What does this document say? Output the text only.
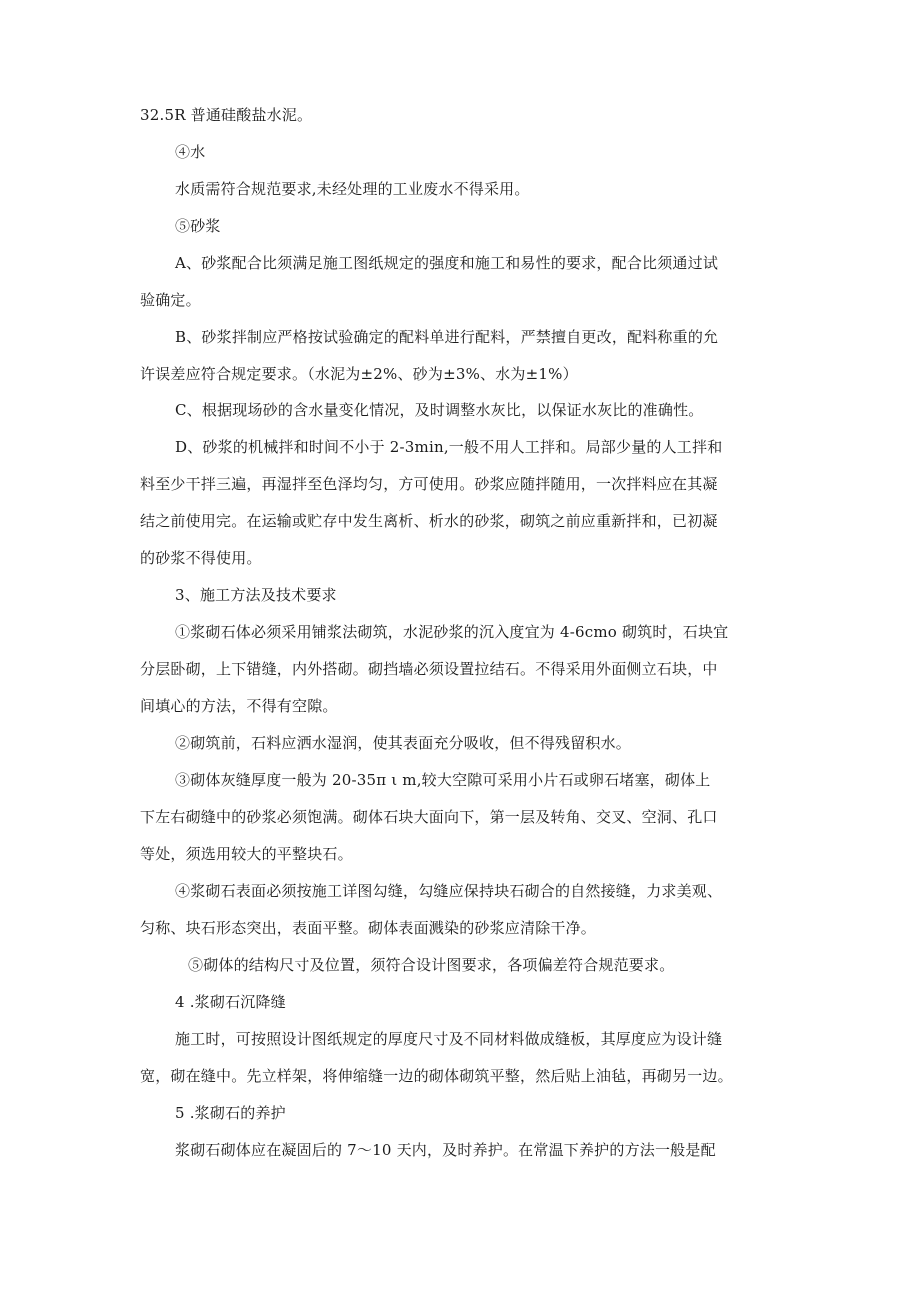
32.5R 普通硅酸盐水泥。
④水
水质需符合规范要求,未经处理的工业废水不得采用。
⑤砂浆
A、砂浆配合比须满足施工图纸规定的强度和施工和易性的要求，配合比须通过试
验确定。
B、砂浆拌制应严格按试验确定的配料单进行配料，严禁擅自更改，配料称重的允
许误差应符合规定要求。（水泥为±2%、砂为±3%、水为±1%）
C、根据现场砂的含水量变化情况，及时调整水灰比，以保证水灰比的准确性。
D、砂浆的机械拌和时间不小于 2-3min,一般不用人工拌和。局部少量的人工拌和
料至少干拌三遍，再湿拌至色泽均匀，方可使用。砂浆应随拌随用，一次拌料应在其凝
结之前使用完。在运输或贮存中发生离析、析水的砂浆，砌筑之前应重新拌和，已初凝
的砂浆不得使用。
3、施工方法及技术要求
①浆砌石体必须采用铺浆法砌筑，水泥砂浆的沉入度宜为 4-6cmo 砌筑时，石块宜
分层卧砌，上下错缝，内外搭砌。砌挡墙必须设置拉结石。不得采用外面侧立石块，中
间填心的方法，不得有空隙。
②砌筑前，石料应洒水湿润，使其表面充分吸收，但不得残留积水。
③砌体灰缝厚度一般为 20-35π ι m,较大空隙可采用小片石或卵石堵塞，砌体上
下左右砌缝中的砂浆必须饱满。砌体石块大面向下，第一层及转角、交叉、空洞、孔口
等处，须选用较大的平整块石。
④浆砌石表面必须按施工详图勾缝，勾缝应保持块石砌合的自然接缝，力求美观、
匀称、块石形态突出，表面平整。砌体表面溅染的砂浆应清除干净。
⑤砌体的结构尺寸及位置，须符合设计图要求，各项偏差符合规范要求。
4 .浆砌石沉降缝
施工时，可按照设计图纸规定的厚度尺寸及不同材料做成缝板，其厚度应为设计缝
宽，砌在缝中。先立样架，将伸缩缝一边的砌体砌筑平整，然后贴上油毡，再砌另一边。
5 .浆砌石的养护
浆砌石砌体应在凝固后的 7～10 天内，及时养护。在常温下养护的方法一般是配
